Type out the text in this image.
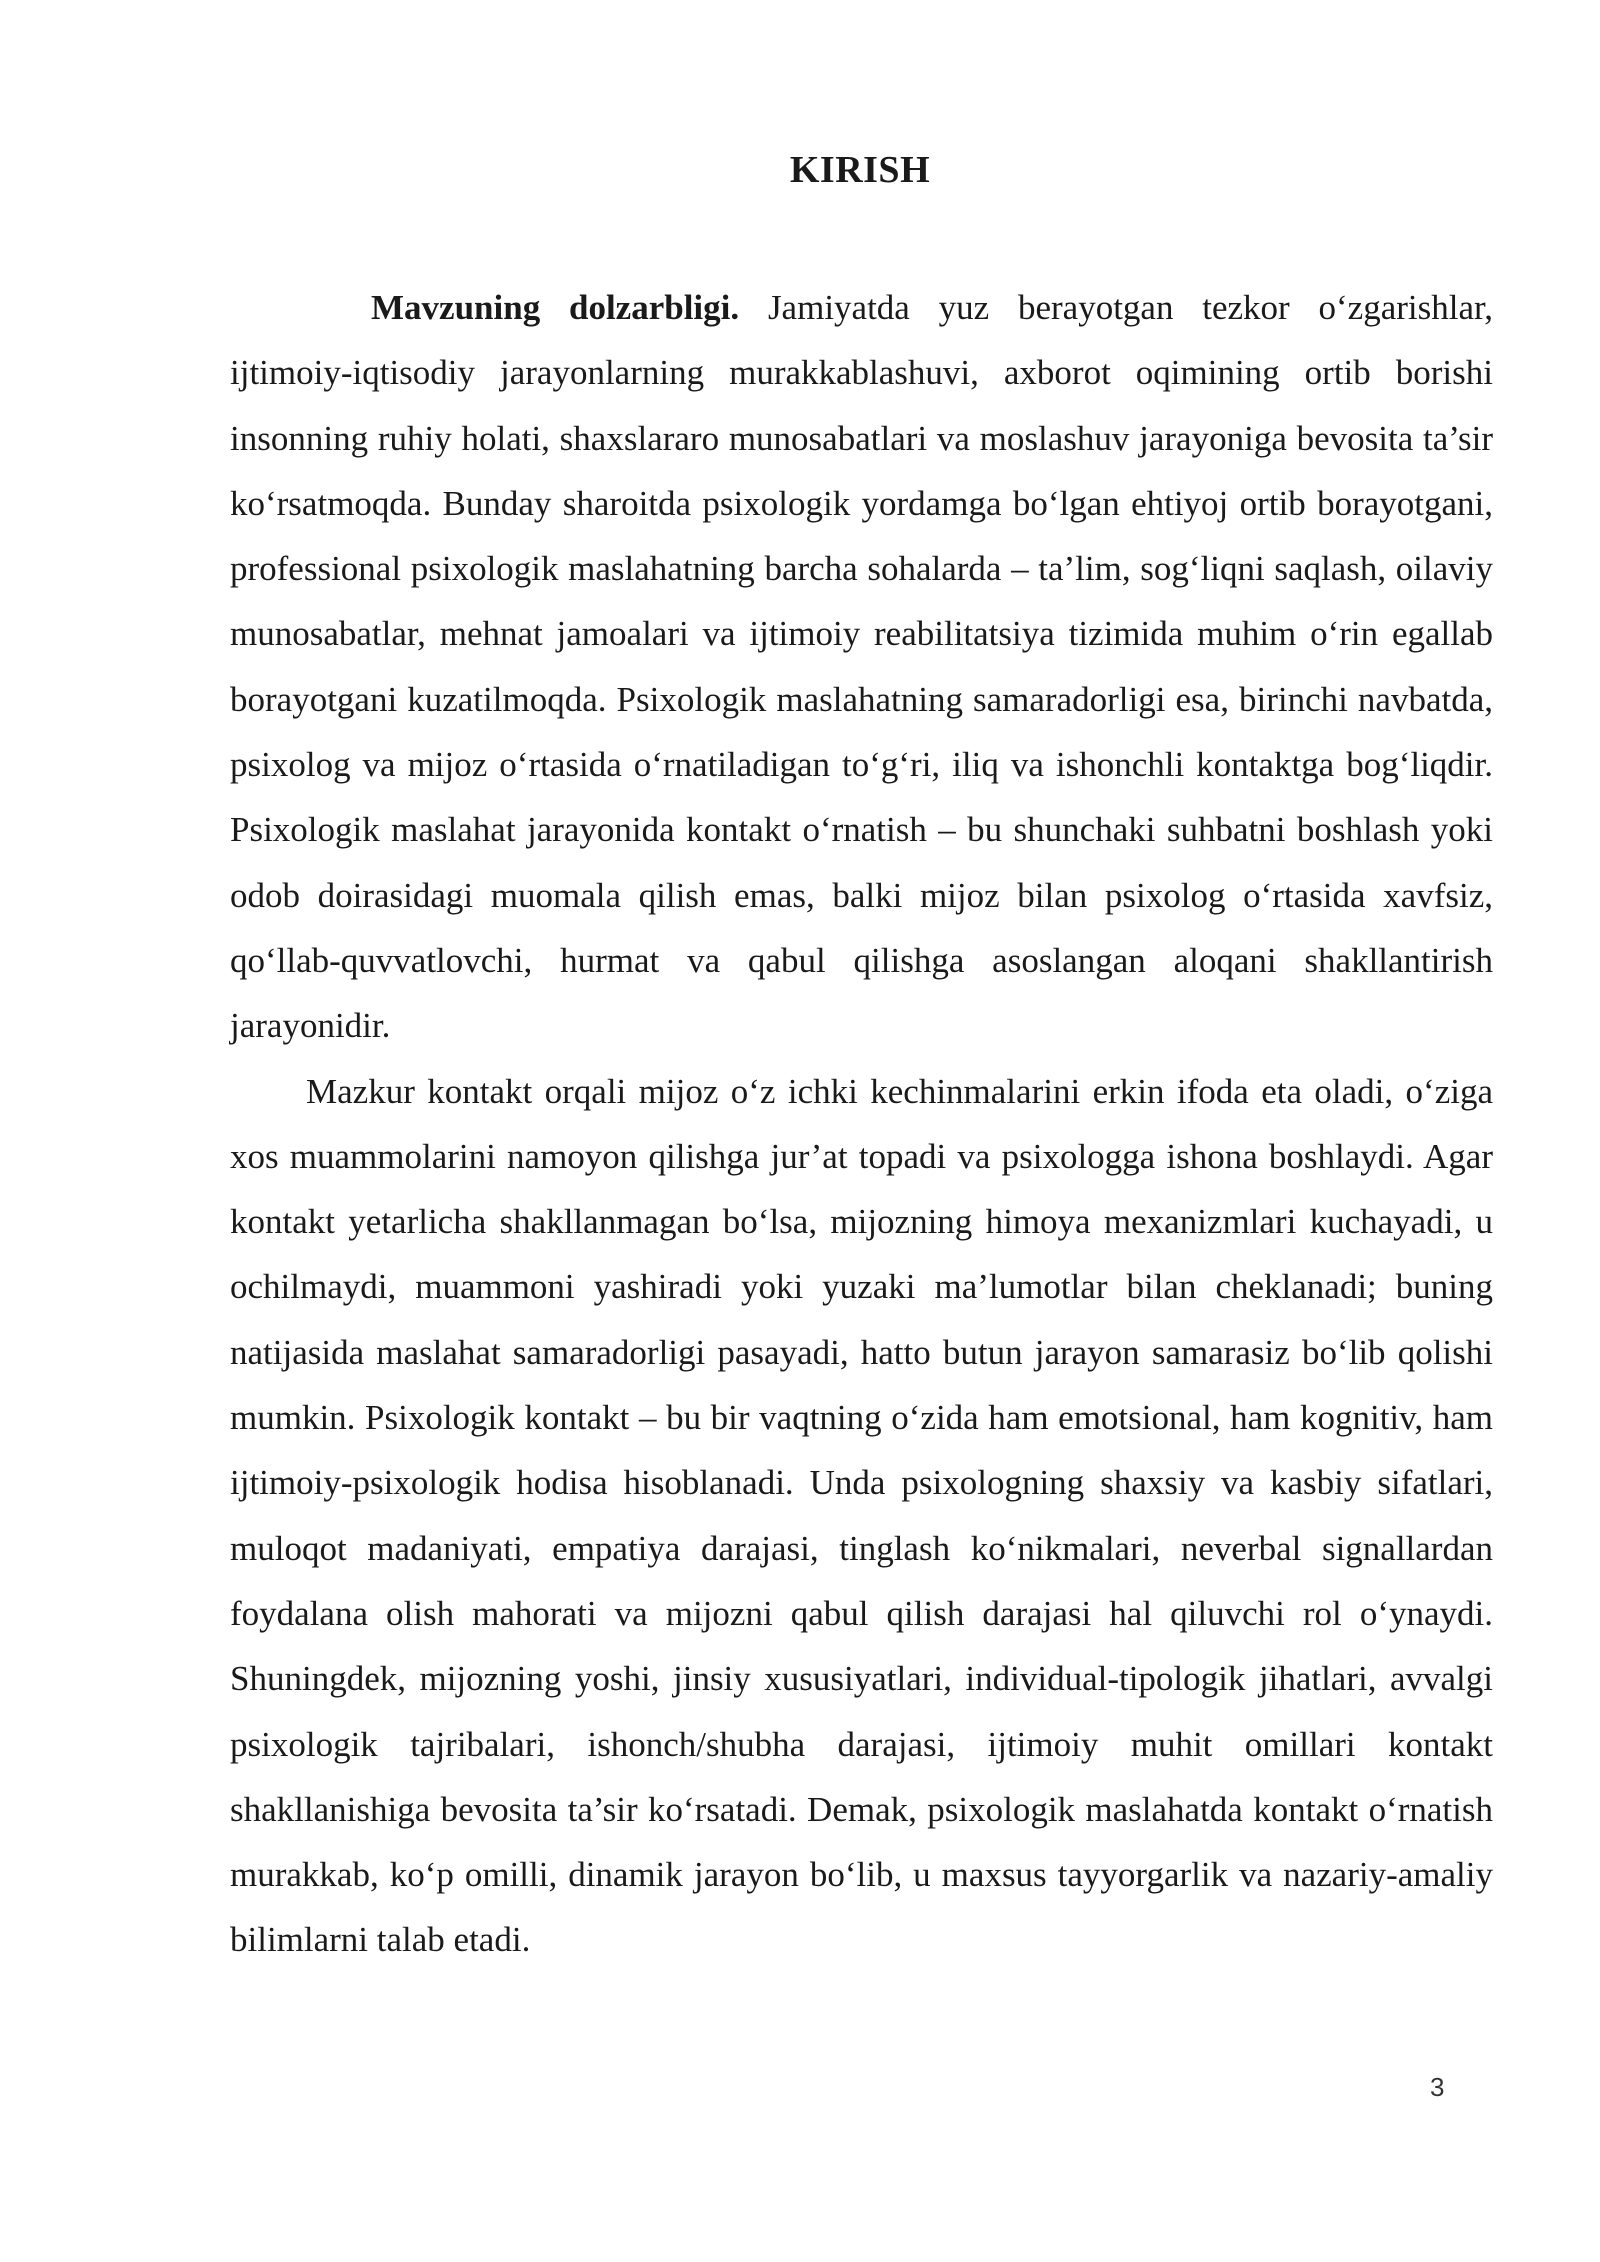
KIRISH

Mavzuning dolzarbligi. Jamiyatda yuz berayotgan tezkor o‘zgarishlar, ijtimoiy-iqtisodiy jarayonlarning murakkablashuvi, axborot oqimining ortib borishi insonning ruhiy holati, shaxslararo munosabatlari va moslashuv jarayoniga bevosita ta’sir ko‘rsatmoqda. Bunday sharoitda psixologik yordamga bo‘lgan ehtiyoj ortib borayotgani, professional psixologik maslahatning barcha sohalarda – ta’lim, sog‘liqni saqlash, oilaviy munosabatlar, mehnat jamoalari va ijtimoiy reabilitatsiya tizimida muhim o‘rin egallab borayotgani kuzatilmoqda. Psixologik maslahatning samaradorligi esa, birinchi navbatda, psixolog va mijoz o‘rtasida o‘rnatiladigan to‘g‘ri, iliq va ishonchli kontaktga bog‘liqdir. Psixologik maslahat jarayonida kontakt o‘rnatish – bu shunchaki suhbatni boshlash yoki odob doirasidagi muomala qilish emas, balki mijoz bilan psixolog o‘rtasida xavfsiz, qo‘llab-quvvatlovchi, hurmat va qabul qilishga asoslangan aloqani shakllantirish jarayonidir.

Mazkur kontakt orqali mijoz o‘z ichki kechinmalarini erkin ifoda eta oladi, o‘ziga xos muammolarini namoyon qilishga jur’at topadi va psixologga ishona boshlaydi. Agar kontakt yetarlicha shakllanmagan bo‘lsa, mijozning himoya mexanizmlari kuchayadi, u ochilmaydi, muammoni yashiradi yoki yuzaki ma’lumotlar bilan cheklanadi; buning natijasida maslahat samaradorligi pasayadi, hatto butun jarayon samarasiz bo‘lib qolishi mumkin. Psixologik kontakt – bu bir vaqtning o‘zida ham emotsional, ham kognitiv, ham ijtimoiy-psixologik hodisa hisoblanadi. Unda psixologning shaxsiy va kasbiy sifatlari, muloqot madaniyati, empatiya darajasi, tinglash ko‘nikmalari, neverbal signallardan foydalana olish mahorati va mijozni qabul qilish darajasi hal qiluvchi rol o‘ynaydi. Shuningdek, mijozning yoshi, jinsiy xususiyatlari, individual-tipologik jihatlari, avvalgi psixologik tajribalari, ishonch/shubha darajasi, ijtimoiy muhit omillari kontakt shakllanishiga bevosita ta’sir ko‘rsatadi. Demak, psixologik maslahatda kontakt o‘rnatish murakkab, ko‘p omilli, dinamik jarayon bo‘lib, u maxsus tayyorgarlik va nazariy-amaliy bilimlarni talab etadi.

3
